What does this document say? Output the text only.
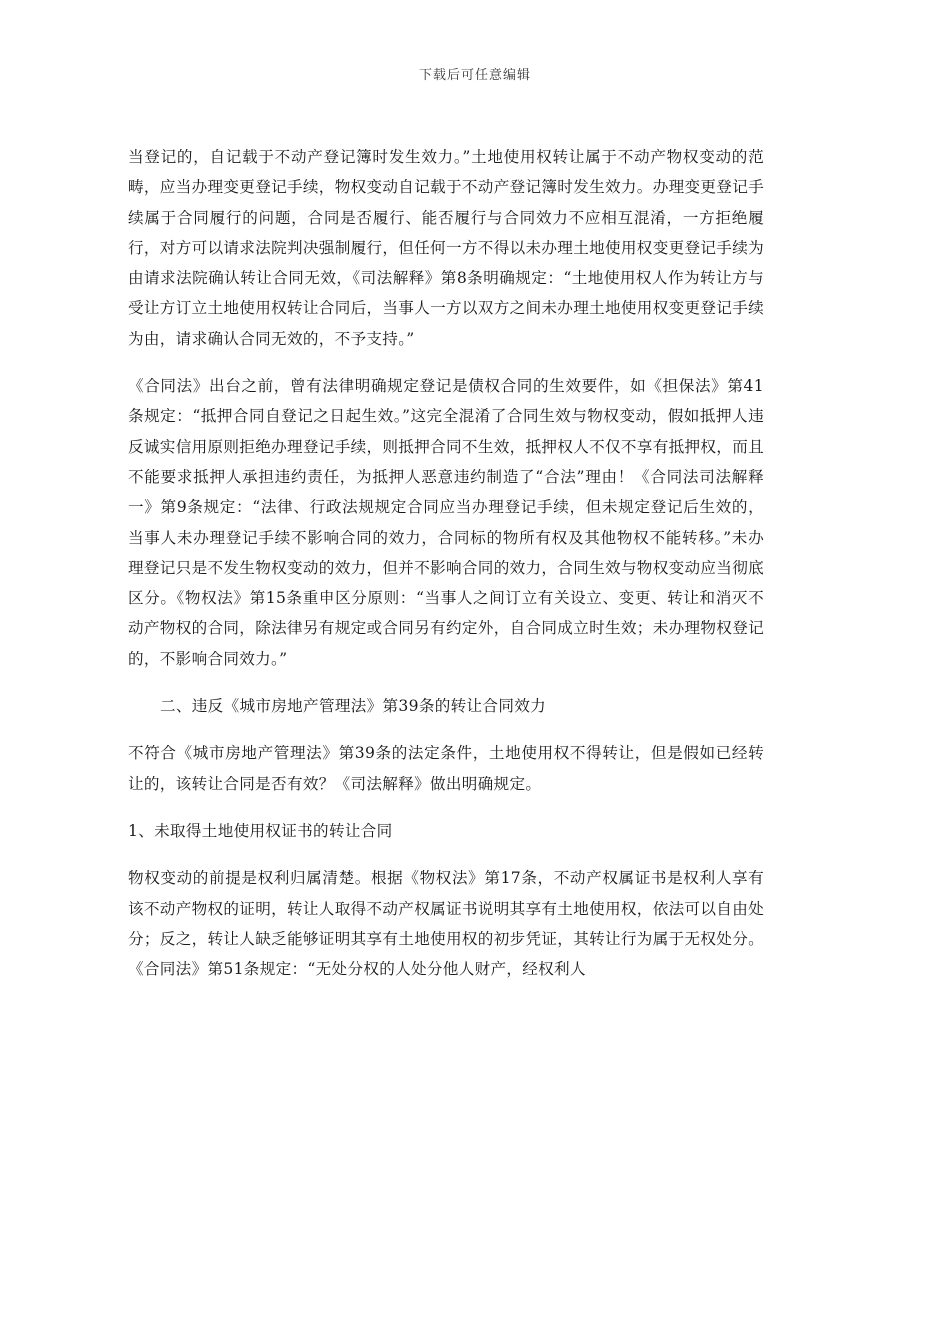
下载后可任意编辑

当登记的，自记载于不动产登记簿时发生效力。”土地使用权转让属于不动产物权变动的范畴，应当办理变更登记手续，物权变动自记载于不动产登记簿时发生效力。办理变更登记手续属于合同履行的问题，合同是否履行、能否履行与合同效力不应相互混淆，一方拒绝履行，对方可以请求法院判决强制履行，但任何一方不得以未办理土地使用权变更登记手续为由请求法院确认转让合同无效，《司法解释》第8条明确规定：“土地使用权人作为转让方与受让方订立土地使用权转让合同后，当事人一方以双方之间未办理土地使用权变更登记手续为由，请求确认合同无效的，不予支持。”

《合同法》出台之前，曾有法律明确规定登记是债权合同的生效要件，如《担保法》第41条规定：“抵押合同自登记之日起生效。”这完全混淆了合同生效与物权变动，假如抵押人违反诚实信用原则拒绝办理登记手续，则抵押合同不生效，抵押权人不仅不享有抵押权，而且不能要求抵押人承担违约责任，为抵押人恶意违约制造了“合法”理由！《合同法司法解释一》第9条规定：“法律、行政法规规定合同应当办理登记手续，但未规定登记后生效的，当事人未办理登记手续不影响合同的效力，合同标的物所有权及其他物权不能转移。”未办理登记只是不发生物权变动的效力，但并不影响合同的效力，合同生效与物权变动应当彻底区分。《物权法》第15条重申区分原则：“当事人之间订立有关设立、变更、转让和消灭不动产物权的合同，除法律另有规定或合同另有约定外，自合同成立时生效；未办理物权登记的，不影响合同效力。”

二、违反《城市房地产管理法》第39条的转让合同效力

不符合《城市房地产管理法》第39条的法定条件，土地使用权不得转让，但是假如已经转让的，该转让合同是否有效？《司法解释》做出明确规定。

1、未取得土地使用权证书的转让合同

物权变动的前提是权利归属清楚。根据《物权法》第17条，不动产权属证书是权利人享有该不动产物权的证明，转让人取得不动产权属证书说明其享有土地使用权，依法可以自由处分；反之，转让人缺乏能够证明其享有土地使用权的初步凭证，其转让行为属于无权处分。《合同法》第51条规定：“无处分权的人处分他人财产，经权利人
